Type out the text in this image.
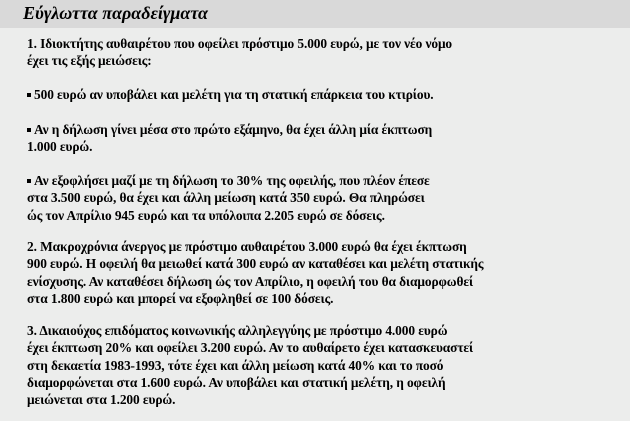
Εύγλωττα παραδείγματα
1. Ιδιοκτήτης αυθαιρέτου που οφείλει πρόστιμο 5.000 ευρώ, με τον νέο νόμο
έχει τις εξής μειώσεις:
500 ευρώ αν υποβάλει και μελέτη για τη στατική επάρκεια του κτιρίου.
Αν η δήλωση γίνει μέσα στο πρώτο εξάμηνο, θα έχει άλλη μία έκπτωση
1.000 ευρώ.
Αν εξοφλήσει μαζί με τη δήλωση το 30% της οφειλής, που πλέον έπεσε
στα 3.500 ευρώ, θα έχει και άλλη μείωση κατά 350 ευρώ. Θα πληρώσει
ώς τον Απρίλιο 945 ευρώ και τα υπόλοιπα 2.205 ευρώ σε δόσεις.
2. Μακροχρόνια άνεργος με πρόστιμο αυθαιρέτου 3.000 ευρώ θα έχει έκπτωση
900 ευρώ. Η οφειλή θα μειωθεί κατά 300 ευρώ αν καταθέσει και μελέτη στατικής
ενίσχυσης. Αν καταθέσει δήλωση ώς τον Απρίλιο, η οφειλή του θα διαμορφωθεί
στα 1.800 ευρώ και μπορεί να εξοφληθεί σε 100 δόσεις.
3. Δικαιούχος επιδόματος κοινωνικής αλληλεγγύης με πρόστιμο 4.000 ευρώ
έχει έκπτωση 20% και οφείλει 3.200 ευρώ. Αν το αυθαίρετο έχει κατασκευαστεί
στη δεκαετία 1983-1993, τότε έχει και άλλη μείωση κατά 40% και το ποσό
διαμορφώνεται στα 1.600 ευρώ. Αν υποβάλει και στατική μελέτη, η οφειλή
μειώνεται στα 1.200 ευρώ.
